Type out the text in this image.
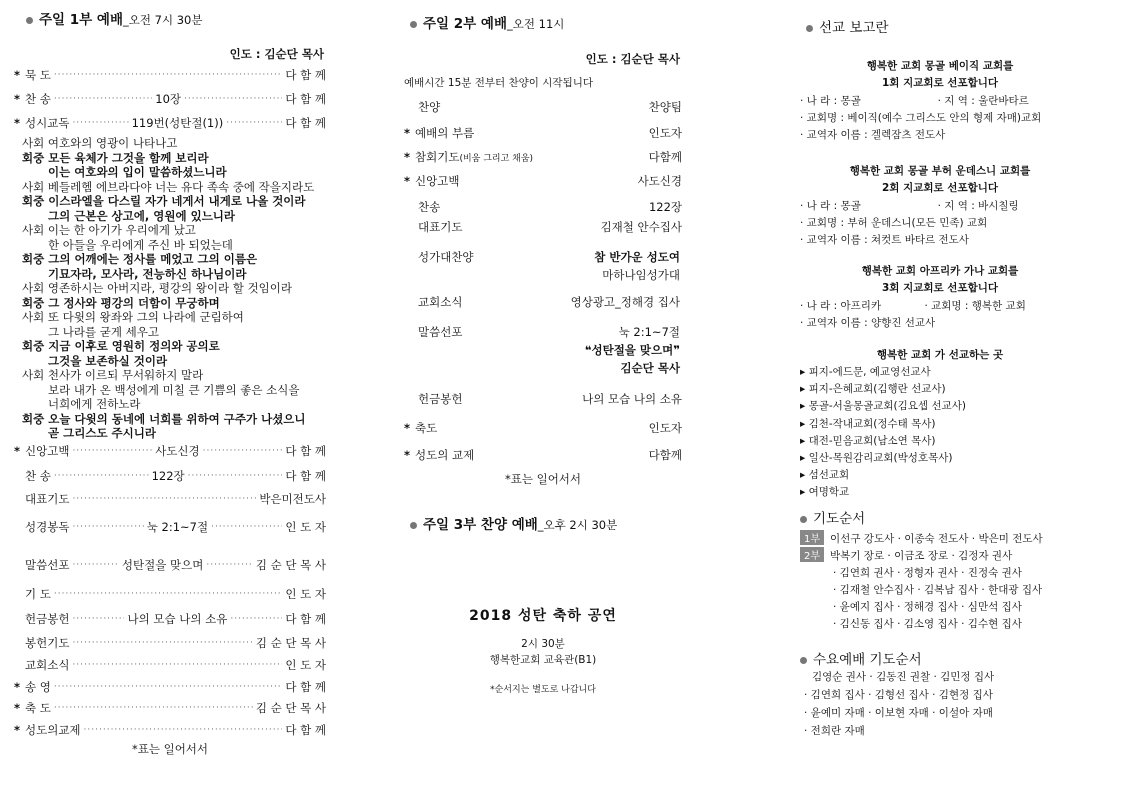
주일 1부 예배_오전 7시 30분
인도 : 김순단 목사
* 묵 도 ·····	다 함 께
* 찬 송 ·····	10장 ·····	다 함 께
* 성시교독 ·····	119번(성탄절(1)) ·····	다 함 께
사회 여호와의 영광이 나타나고
회중 모든 육체가 그것을 함께 보리라
이는 여호와의 입이 말씀하셨느니라
사회 베들레헴 에브라다야 너는 유다 족속 중에 작을지라도
회중 이스라엘을 다스릴 자가 네게서 내게로 나올 것이라
그의 근본은 상고에, 영원에 있느니라
사회 이는 한 아기가 우리에게 났고
한 아들을 우리에게 주신 바 되었는데
회중 그의 어깨에는 정사를 메었고 그의 이름은
기묘자라, 모사라, 전능하신 하나님이라
사회 영존하시는 아버지라, 평강의 왕이라 할 것임이라
회중 그 정사와 평강의 더함이 무궁하며
사회 또 다윗의 왕좌와 그의 나라에 군림하여
그 나라를 굳게 세우고
회중 지금 이후로 영원히 정의와 공의로
그것을 보존하실 것이라
사회 천사가 이르되 무서워하지 말라
보라 내가 온 백성에게 미칠 큰 기쁨의 좋은 소식을
너희에게 전하노라
회중 오늘 다윗의 동네에 너희를 위하여 구주가 나셨으니
곧 그리스도 주시니라
* 신앙고백 ·····	사도신경 ·····	다 함 께
찬 송 ·····	122장 ·····	다 함 께
대표기도 ·····	박은미전도사
성경봉독 ·····	눅 2:1~7절 ·····	인 도 자
말씀선포 ·····	성탄절을 맞으며 ·····	김 순 단 목 사
기 도 ·····	인 도 자
헌금봉헌 ·····	나의 모습 나의 소유 ·····	다 함 께
봉헌기도 ·····	김 순 단 목 사
교회소식 ·····	인 도 자
* 송 영 ·····	다 함 께
* 축 도 ·····	김 순 단 목 사
* 성도의교제 ·····	다 함 께
*표는 일어서서
주일 2부 예배_오전 11시
인도 : 김순단 목사
예배시간 15분 전부터 찬양이 시작됩니다
찬양	찬양팀
* 예배의 부름	인도자
* 참회기도(비움 그리고 채움)	다함께
* 신앙고백	사도신경
찬송	122장
대표기도	김재철 안수집사
성가대찬양	참 반가운 성도여
마하나임성가대
교회소식	영상광고_정해경 집사
말씀선포	눅 2:1~7절
❝성탄절을 맞으며❞
김순단 목사
헌금봉헌	나의 모습 나의 소유
* 축도	인도자
* 성도의 교제	다함께
*표는 일어서서
주일 3부 찬양 예배_오후 2시 30분
2018 성탄 축하 공연
2시 30분
행복한교회 교육관(B1)
*순서지는 별도로 나갑니다
선교 보고란
행복한 교회 몽골 베이직 교회를
1회 지교회로 선포합니다
· 나 라 : 몽골                       · 지 역 : 울란바타르
· 교회명 : 베이직(예수 그리스도 안의 형제 자매)교회
· 교역자 이름 : 겔렉잠츠 전도사
행복한 교회 몽골 부허 운데스니 교회를
2회 지교회로 선포합니다
· 나 라 : 몽골                       · 지 역 : 바시칠링
· 교회명 : 부허 운데스니(모든 민족) 교회
· 교역자 이름 : 쳐컷트 바타르 전도사
행복한 교회 아프리카 가나 교회를
3회 지교회로 선포합니다
· 나 라 : 아프리카             · 교회명 : 행복한 교회
· 교역자 이름 : 양향진 선교사
행복한 교회 가 선교하는 곳
▸ 피지-에드문, 예교영선교사
▸ 피지-은혜교회(김행란 선교사)
▸ 몽골-서울몽골교회(김요셉 선교사)
▸ 김천-작내교회(정수태 목사)
▸ 대전-믿음교회(남소연 목사)
▸ 일산-목원감리교회(박성호목사)
▸ 섬선교회
▸ 여명학교
기도순서
1부 이선구 강도사 · 이종숙 전도사 · 박은미 전도사
2부 박복기 장로 · 이금조 장로 · 김정자 권사
· 김연희 권사 · 정형자 권사 · 진정숙 권사
· 김재철 안수집사 · 김복남 집사 · 한대광 집사
· 윤예지 집사 · 정해경 집사 · 심만석 집사
· 김신동 집사 · 김소영 집사 · 김수현 집사
수요예배 기도순서
김영순 권사 · 김동진 권찰 · 김민정 집사
· 김연희 집사 · 김형선 집사 · 김현정 집사
· 윤예미 자매 · 이보현 자매 · 이설아 자매
· 전희란 자매
